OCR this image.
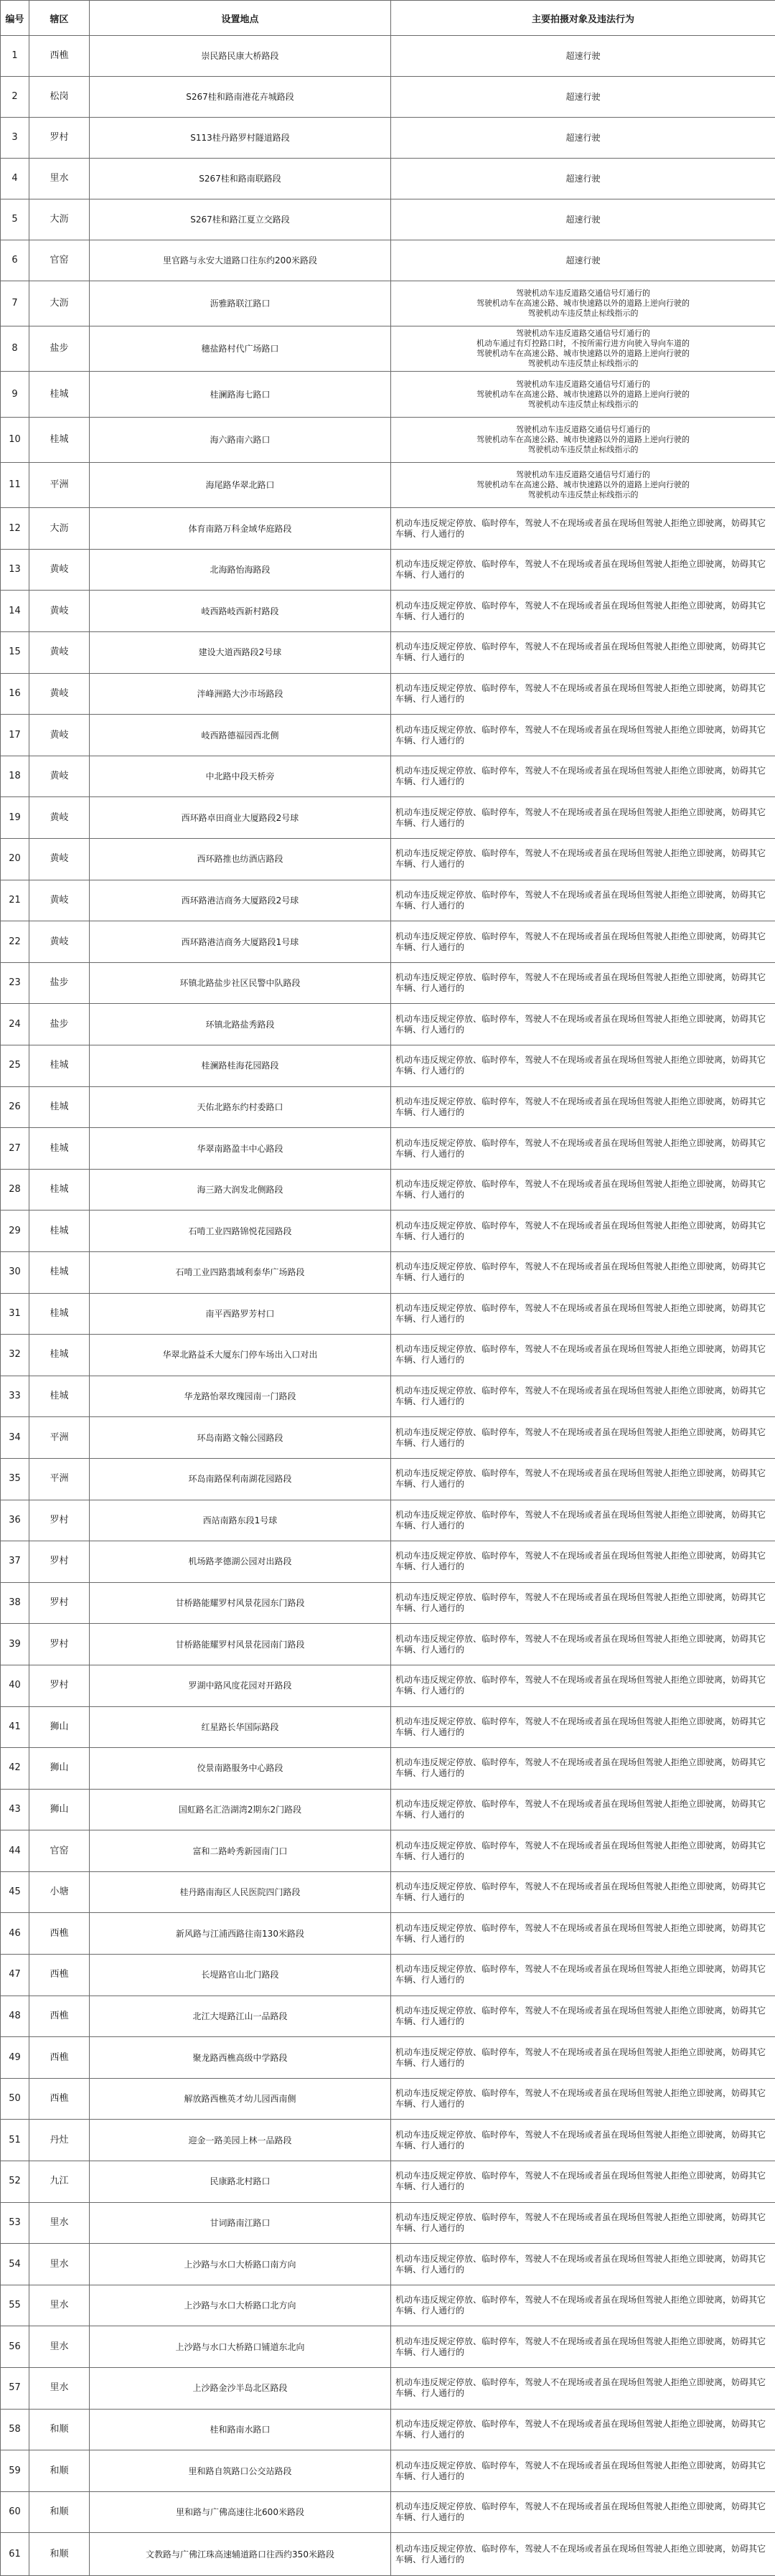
编号	辖区	设置地点	主要拍摄对象及违法行为
1	西樵	崇民路民康大桥路段	超速行驶
2	松岗	S267桂和路南港花卉城路段	超速行驶
3	罗村	S113桂丹路罗村隧道路段	超速行驶
4	里水	S267桂和路南联路段	超速行驶
5	大沥	S267桂和路江夏立交路段	超速行驶
6	官窑	里官路与永安大道路口往东约200米路段	超速行驶
7	大沥	沥雅路联江路口	驾驶机动车违反道路交通信号灯通行的
驾驶机动车在高速公路、城市快速路以外的道路上逆向行驶的
驾驶机动车违反禁止标线指示的
8	盐步	穗盐路村代广场路口	驾驶机动车违反道路交通信号灯通行的
机动车通过有灯控路口时，不按所需行进方向驶入导向车道的
驾驶机动车在高速公路、城市快速路以外的道路上逆向行驶的
驾驶机动车违反禁止标线指示的
9	桂城	桂澜路海七路口	驾驶机动车违反道路交通信号灯通行的
驾驶机动车在高速公路、城市快速路以外的道路上逆向行驶的
驾驶机动车违反禁止标线指示的
10	桂城	海六路南六路口	驾驶机动车违反道路交通信号灯通行的
驾驶机动车在高速公路、城市快速路以外的道路上逆向行驶的
驾驶机动车违反禁止标线指示的
11	平洲	海尾路华翠北路口	驾驶机动车违反道路交通信号灯通行的
驾驶机动车在高速公路、城市快速路以外的道路上逆向行驶的
驾驶机动车违反禁止标线指示的
12	大沥	体育南路万科金域华庭路段	机动车违反规定停放、临时停车，驾驶人不在现场或者虽在现场但驾驶人拒绝立即驶离，妨碍其它车辆、行人通行的
13	黄岐	北海路怡海路段	机动车违反规定停放、临时停车，驾驶人不在现场或者虽在现场但驾驶人拒绝立即驶离，妨碍其它车辆、行人通行的
14	黄岐	岐西路岐西新村路段	机动车违反规定停放、临时停车，驾驶人不在现场或者虽在现场但驾驶人拒绝立即驶离，妨碍其它车辆、行人通行的
15	黄岐	建设大道西路段2号球	机动车违反规定停放、临时停车，驾驶人不在现场或者虽在现场但驾驶人拒绝立即驶离，妨碍其它车辆、行人通行的
16	黄岐	泮峰洲路大沙市场路段	机动车违反规定停放、临时停车，驾驶人不在现场或者虽在现场但驾驶人拒绝立即驶离，妨碍其它车辆、行人通行的
17	黄岐	岐西路德福园西北侧	机动车违反规定停放、临时停车，驾驶人不在现场或者虽在现场但驾驶人拒绝立即驶离，妨碍其它车辆、行人通行的
18	黄岐	中北路中段天桥旁	机动车违反规定停放、临时停车，驾驶人不在现场或者虽在现场但驾驶人拒绝立即驶离，妨碍其它车辆、行人通行的
19	黄岐	西环路卓田商业大厦路段2号球	机动车违反规定停放、临时停车，驾驶人不在现场或者虽在现场但驾驶人拒绝立即驶离，妨碍其它车辆、行人通行的
20	黄岐	西环路推也纺酒店路段	机动车违反规定停放、临时停车，驾驶人不在现场或者虽在现场但驾驶人拒绝立即驶离，妨碍其它车辆、行人通行的
21	黄岐	西环路港洁商务大厦路段2号球	机动车违反规定停放、临时停车，驾驶人不在现场或者虽在现场但驾驶人拒绝立即驶离，妨碍其它车辆、行人通行的
22	黄岐	西环路港洁商务大厦路段1号球	机动车违反规定停放、临时停车，驾驶人不在现场或者虽在现场但驾驶人拒绝立即驶离，妨碍其它车辆、行人通行的
23	盐步	环镇北路盐步社区民警中队路段	机动车违反规定停放、临时停车，驾驶人不在现场或者虽在现场但驾驶人拒绝立即驶离，妨碍其它车辆、行人通行的
24	盐步	环镇北路盐秀路段	机动车违反规定停放、临时停车，驾驶人不在现场或者虽在现场但驾驶人拒绝立即驶离，妨碍其它车辆、行人通行的
25	桂城	桂澜路桂海花园路段	机动车违反规定停放、临时停车，驾驶人不在现场或者虽在现场但驾驶人拒绝立即驶离，妨碍其它车辆、行人通行的
26	桂城	天佑北路东约村委路口	机动车违反规定停放、临时停车，驾驶人不在现场或者虽在现场但驾驶人拒绝立即驶离，妨碍其它车辆、行人通行的
27	桂城	华翠南路盈丰中心路段	机动车违反规定停放、临时停车，驾驶人不在现场或者虽在现场但驾驶人拒绝立即驶离，妨碍其它车辆、行人通行的
28	桂城	海三路大润发北侧路段	机动车违反规定停放、临时停车，驾驶人不在现场或者虽在现场但驾驶人拒绝立即驶离，妨碍其它车辆、行人通行的
29	桂城	石啃工业四路锦悦花园路段	机动车违反规定停放、临时停车，驾驶人不在现场或者虽在现场但驾驶人拒绝立即驶离，妨碍其它车辆、行人通行的
30	桂城	石啃工业四路翡域利泰华广场路段	机动车违反规定停放、临时停车，驾驶人不在现场或者虽在现场但驾驶人拒绝立即驶离，妨碍其它车辆、行人通行的
31	桂城	南平西路罗芳村口	机动车违反规定停放、临时停车，驾驶人不在现场或者虽在现场但驾驶人拒绝立即驶离，妨碍其它车辆、行人通行的
32	桂城	华翠北路益禾大厦东门停车场出入口对出	机动车违反规定停放、临时停车，驾驶人不在现场或者虽在现场但驾驶人拒绝立即驶离，妨碍其它车辆、行人通行的
33	桂城	华龙路怡翠玫瑰园南一门路段	机动车违反规定停放、临时停车，驾驶人不在现场或者虽在现场但驾驶人拒绝立即驶离，妨碍其它车辆、行人通行的
34	平洲	环岛南路文翰公园路段	机动车违反规定停放、临时停车，驾驶人不在现场或者虽在现场但驾驶人拒绝立即驶离，妨碍其它车辆、行人通行的
35	平洲	环岛南路保利南湖花园路段	机动车违反规定停放、临时停车，驾驶人不在现场或者虽在现场但驾驶人拒绝立即驶离，妨碍其它车辆、行人通行的
36	罗村	西站南路东段1号球	机动车违反规定停放、临时停车，驾驶人不在现场或者虽在现场但驾驶人拒绝立即驶离，妨碍其它车辆、行人通行的
37	罗村	机场路孝德湖公园对出路段	机动车违反规定停放、临时停车，驾驶人不在现场或者虽在现场但驾驶人拒绝立即驶离，妨碍其它车辆、行人通行的
38	罗村	甘桥路能耀罗村风景花园东门路段	机动车违反规定停放、临时停车，驾驶人不在现场或者虽在现场但驾驶人拒绝立即驶离，妨碍其它车辆、行人通行的
39	罗村	甘桥路能耀罗村风景花园南门路段	机动车违反规定停放、临时停车，驾驶人不在现场或者虽在现场但驾驶人拒绝立即驶离，妨碍其它车辆、行人通行的
40	罗村	罗湖中路风度花园对开路段	机动车违反规定停放、临时停车，驾驶人不在现场或者虽在现场但驾驶人拒绝立即驶离，妨碍其它车辆、行人通行的
41	狮山	红星路长华国际路段	机动车违反规定停放、临时停车，驾驶人不在现场或者虽在现场但驾驶人拒绝立即驶离，妨碍其它车辆、行人通行的
42	狮山	佼景南路服务中心路段	机动车违反规定停放、临时停车，驾驶人不在现场或者虽在现场但驾驶人拒绝立即驶离，妨碍其它车辆、行人通行的
43	狮山	国虹路名汇浩湖湾2期东2门路段	机动车违反规定停放、临时停车，驾驶人不在现场或者虽在现场但驾驶人拒绝立即驶离，妨碍其它车辆、行人通行的
44	官窑	富和二路岭秀新园南门口	机动车违反规定停放、临时停车，驾驶人不在现场或者虽在现场但驾驶人拒绝立即驶离，妨碍其它车辆、行人通行的
45	小塘	桂丹路南海区人民医院四门路段	机动车违反规定停放、临时停车，驾驶人不在现场或者虽在现场但驾驶人拒绝立即驶离，妨碍其它车辆、行人通行的
46	西樵	新风路与江浦西路往南130米路段	机动车违反规定停放、临时停车，驾驶人不在现场或者虽在现场但驾驶人拒绝立即驶离，妨碍其它车辆、行人通行的
47	西樵	长堤路官山北门路段	机动车违反规定停放、临时停车，驾驶人不在现场或者虽在现场但驾驶人拒绝立即驶离，妨碍其它车辆、行人通行的
48	西樵	北江大堤路江山一品路段	机动车违反规定停放、临时停车，驾驶人不在现场或者虽在现场但驾驶人拒绝立即驶离，妨碍其它车辆、行人通行的
49	西樵	聚龙路西樵高级中学路段	机动车违反规定停放、临时停车，驾驶人不在现场或者虽在现场但驾驶人拒绝立即驶离，妨碍其它车辆、行人通行的
50	西樵	解放路西樵英才幼儿园西南侧	机动车违反规定停放、临时停车，驾驶人不在现场或者虽在现场但驾驶人拒绝立即驶离，妨碍其它车辆、行人通行的
51	丹灶	迎金一路美园上林一品路段	机动车违反规定停放、临时停车，驾驶人不在现场或者虽在现场但驾驶人拒绝立即驶离，妨碍其它车辆、行人通行的
52	九江	民康路北村路口	机动车违反规定停放、临时停车，驾驶人不在现场或者虽在现场但驾驶人拒绝立即驶离，妨碍其它车辆、行人通行的
53	里水	甘词路南江路口	机动车违反规定停放、临时停车，驾驶人不在现场或者虽在现场但驾驶人拒绝立即驶离，妨碍其它车辆、行人通行的
54	里水	上沙路与水口大桥路口南方向	机动车违反规定停放、临时停车，驾驶人不在现场或者虽在现场但驾驶人拒绝立即驶离，妨碍其它车辆、行人通行的
55	里水	上沙路与水口大桥路口北方向	机动车违反规定停放、临时停车，驾驶人不在现场或者虽在现场但驾驶人拒绝立即驶离，妨碍其它车辆、行人通行的
56	里水	上沙路与水口大桥路口铺道东北向	机动车违反规定停放、临时停车，驾驶人不在现场或者虽在现场但驾驶人拒绝立即驶离，妨碍其它车辆、行人通行的
57	里水	上沙路金沙半岛北区路段	机动车违反规定停放、临时停车，驾驶人不在现场或者虽在现场但驾驶人拒绝立即驶离，妨碍其它车辆、行人通行的
58	和顺	桂和路南水路口	机动车违反规定停放、临时停车，驾驶人不在现场或者虽在现场但驾驶人拒绝立即驶离，妨碍其它车辆、行人通行的
59	和顺	里和路自筑路口公交站路段	机动车违反规定停放、临时停车，驾驶人不在现场或者虽在现场但驾驶人拒绝立即驶离，妨碍其它车辆、行人通行的
60	和顺	里和路与广佛高速往北600米路段	机动车违反规定停放、临时停车，驾驶人不在现场或者虽在现场但驾驶人拒绝立即驶离，妨碍其它车辆、行人通行的
61	和顺	文教路与广佛江珠高速辅道路口往西约350米路段	机动车违反规定停放、临时停车，驾驶人不在现场或者虽在现场但驾驶人拒绝立即驶离，妨碍其它车辆、行人通行的
